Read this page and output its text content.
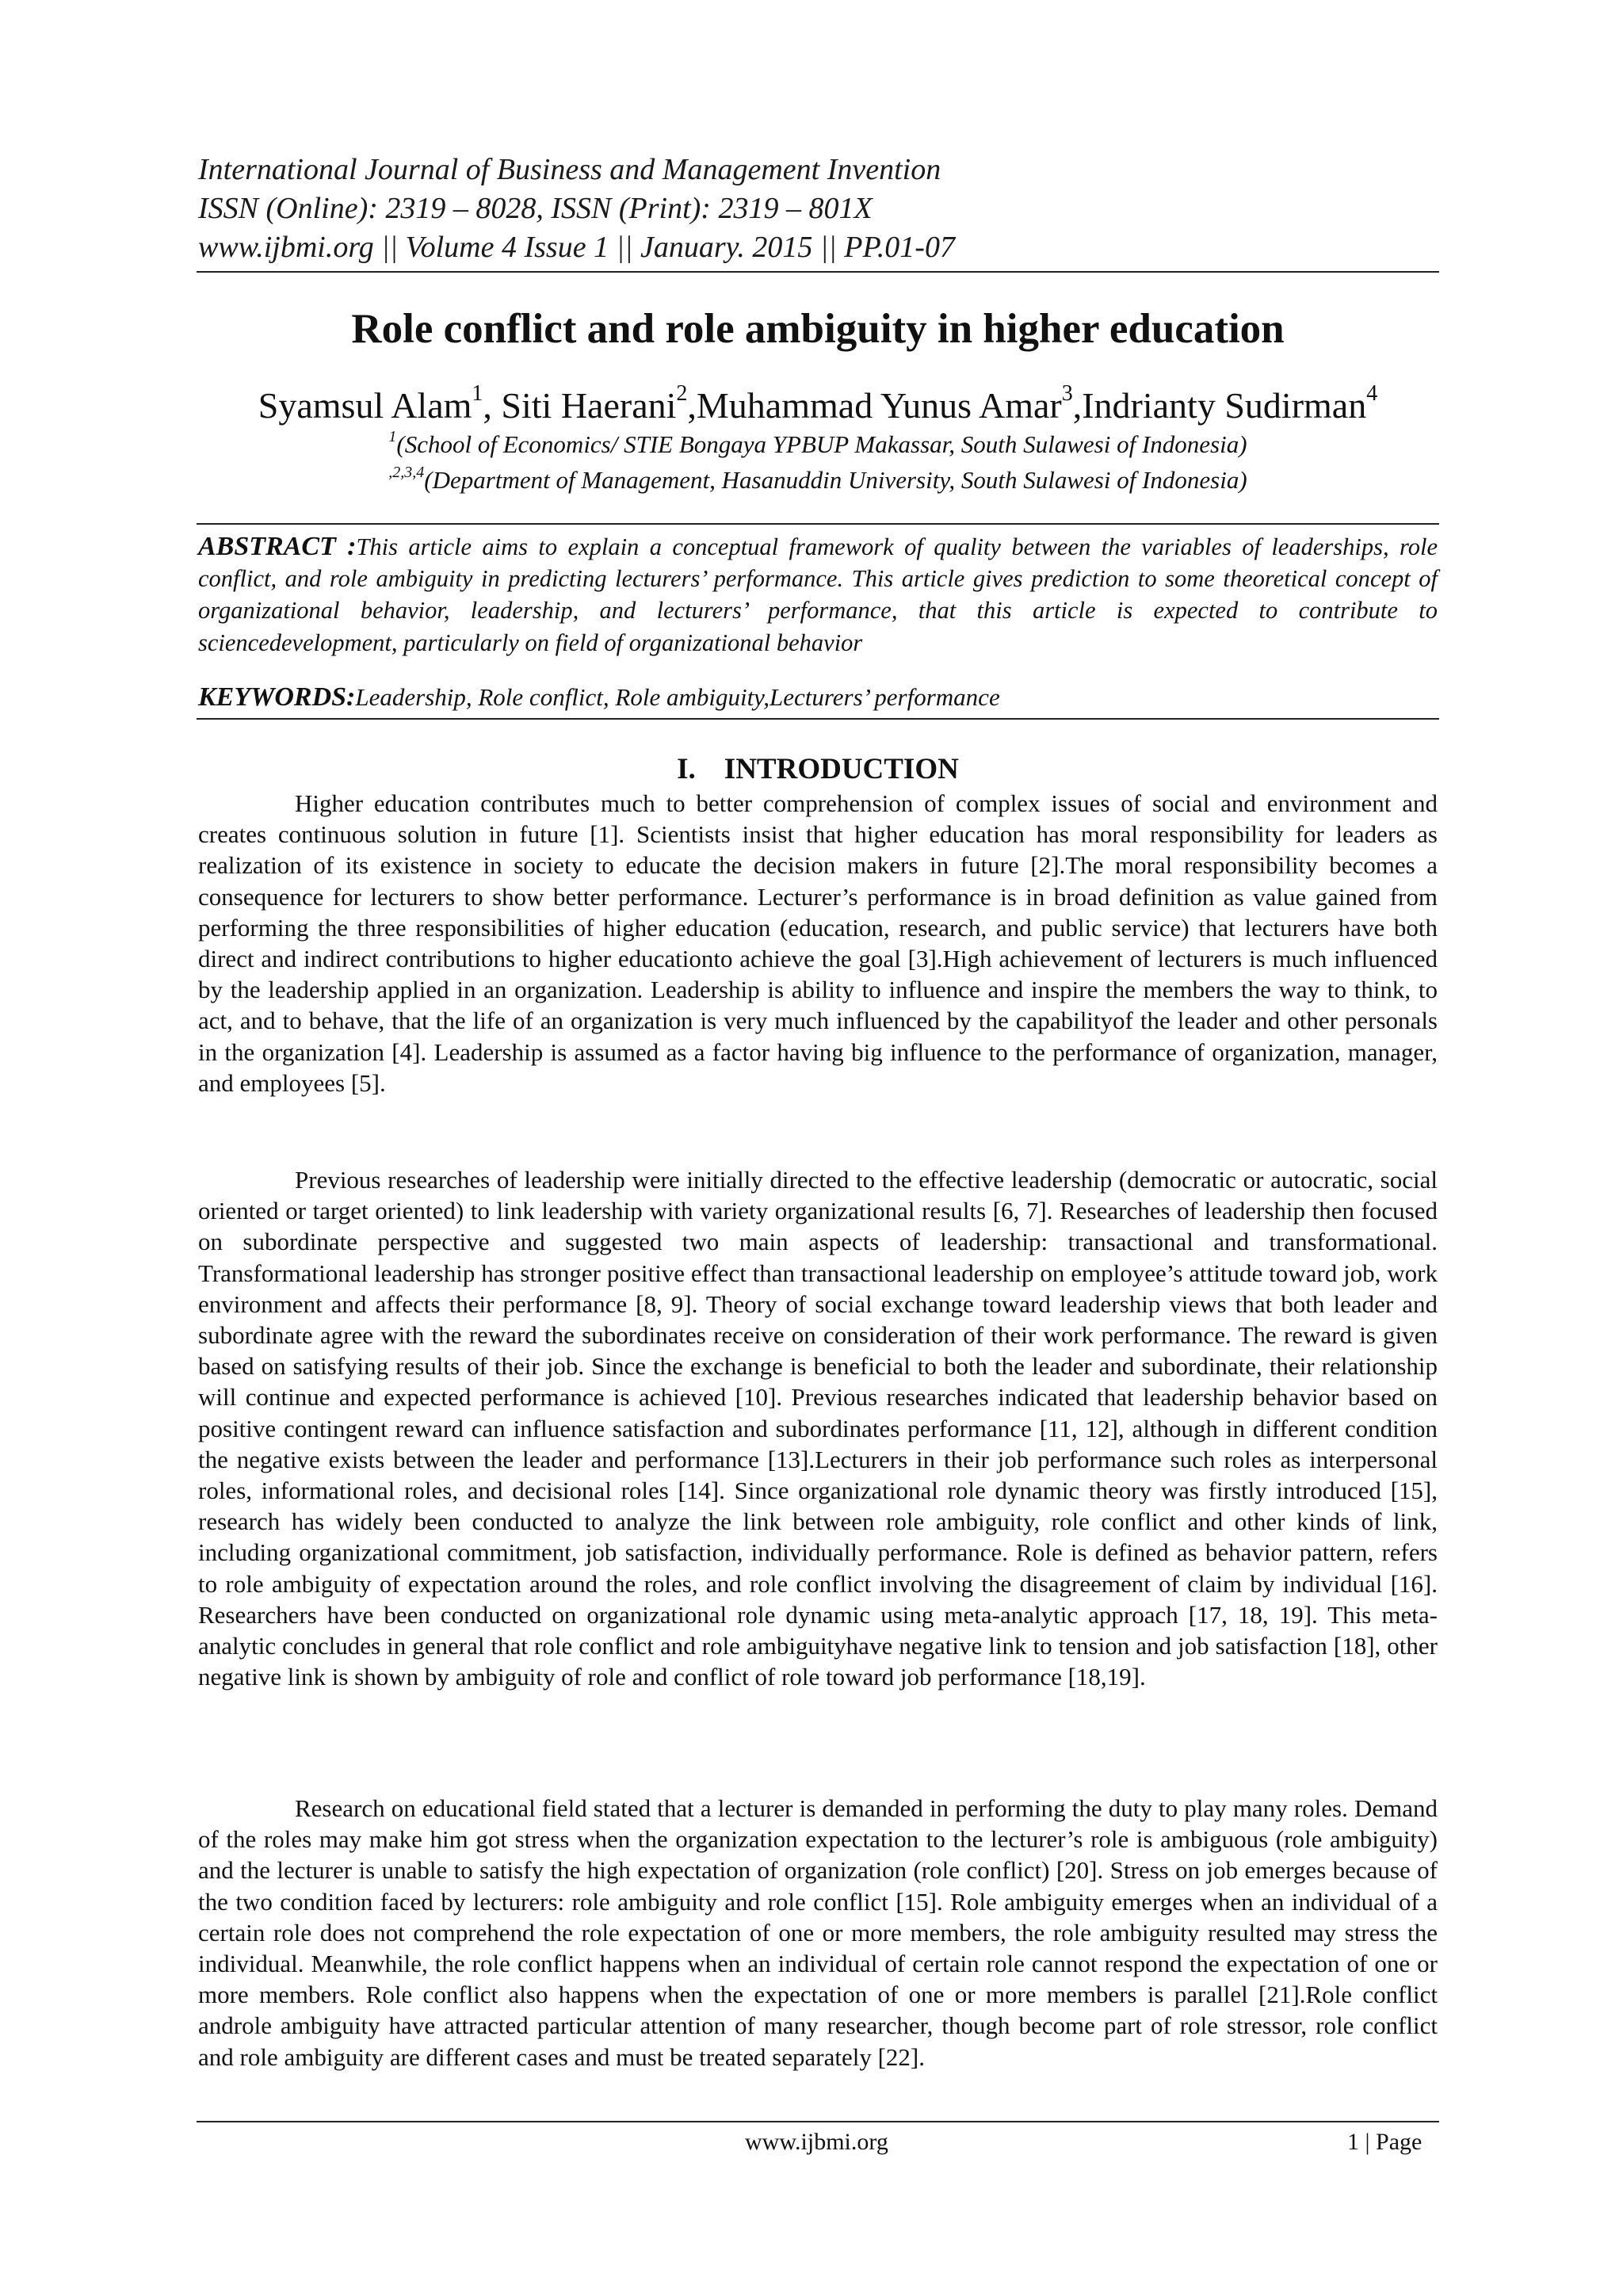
International Journal of Business and Management Invention
ISSN (Online): 2319 – 8028, ISSN (Print): 2319 – 801X
www.ijbmi.org || Volume 4 Issue 1 || January. 2015 || PP.01-07
Role conflict and role ambiguity in higher education
Syamsul Alam$^1$, Siti Haerani$^2$,Muhammad Yunus Amar$^3$,Indrianty Sudirman$^4$
$^1$(School of Economics/ STIE Bongaya YPBUP Makassar, South Sulawesi of Indonesia)
$^{,2,3,4}$(Department of Management, Hasanuddin University, South Sulawesi of Indonesia)
ABSTRACT :This article aims to explain a conceptual framework of quality between the variables of leaderships, role conflict, and role ambiguity in predicting lecturers’ performance. This article gives prediction to some theoretical concept of organizational behavior, leadership, and lecturers’ performance, that this article is expected to contribute to sciencedevelopment, particularly on field of organizational behavior
KEYWORDS:Leadership, Role conflict, Role ambiguity,Lecturers’ performance
I. INTRODUCTION

Higher education contributes much to better comprehension of complex issues of social and environment and creates continuous solution in future [1]. Scientists insist that higher education has moral responsibility for leaders as realization of its existence in society to educate the decision makers in future [2].The moral responsibility becomes a consequence for lecturers to show better performance. Lecturer’s performance is in broad definition as value gained from performing the three responsibilities of higher education (education, research, and public service) that lecturers have both direct and indirect contributions to higher educationto achieve the goal [3].High achievement of lecturers is much influenced by the leadership applied in an organization. Leadership is ability to influence and inspire the members the way to think, to act, and to behave, that the life of an organization is very much influenced by the capabilityof the leader and other personals in the organization [4]. Leadership is assumed as a factor having big influence to the performance of organization, manager, and employees [5].

Previous researches of leadership were initially directed to the effective leadership (democratic or autocratic, social oriented or target oriented) to link leadership with variety organizational results [6, 7]. Researches of leadership then focused on subordinate perspective and suggested two main aspects of leadership: transactional and transformational. Transformational leadership has stronger positive effect than transactional leadership on employee’s attitude toward job, work environment and affects their performance [8, 9]. Theory of social exchange toward leadership views that both leader and subordinate agree with the reward the subordinates receive on consideration of their work performance. The reward is given based on satisfying results of their job. Since the exchange is beneficial to both the leader and subordinate, their relationship will continue and expected performance is achieved [10]. Previous researches indicated that leadership behavior based on positive contingent reward can influence satisfaction and subordinates performance [11, 12], although in different condition the negative exists between the leader and performance [13].Lecturers in their job performance such roles as interpersonal roles, informational roles, and decisional roles [14]. Since organizational role dynamic theory was firstly introduced [15], research has widely been conducted to analyze the link between role ambiguity, role conflict and other kinds of link, including organizational commitment, job satisfaction, individually performance. Role is defined as behavior pattern, refers to role ambiguity of expectation around the roles, and role conflict involving the disagreement of claim by individual [16]. Researchers have been conducted on organizational role dynamic using meta-analytic approach [17, 18, 19]. This meta-analytic concludes in general that role conflict and role ambiguityhave negative link to tension and job satisfaction [18], other negative link is shown by ambiguity of role and conflict of role toward job performance [18,19].

Research on educational field stated that a lecturer is demanded in performing the duty to play many roles. Demand of the roles may make him got stress when the organization expectation to the lecturer’s role is ambiguous (role ambiguity) and the lecturer is unable to satisfy the high expectation of organization (role conflict) [20]. Stress on job emerges because of the two condition faced by lecturers: role ambiguity and role conflict [15]. Role ambiguity emerges when an individual of a certain role does not comprehend the role expectation of one or more members, the role ambiguity resulted may stress the individual. Meanwhile, the role conflict happens when an individual of certain role cannot respond the expectation of one or more members. Role conflict also happens when the expectation of one or more members is parallel [21].Role conflict androle ambiguity have attracted particular attention of many researcher, though become part of role stressor, role conflict and role ambiguity are different cases and must be treated separately [22].

www.ijbmi.org	1 | Page
